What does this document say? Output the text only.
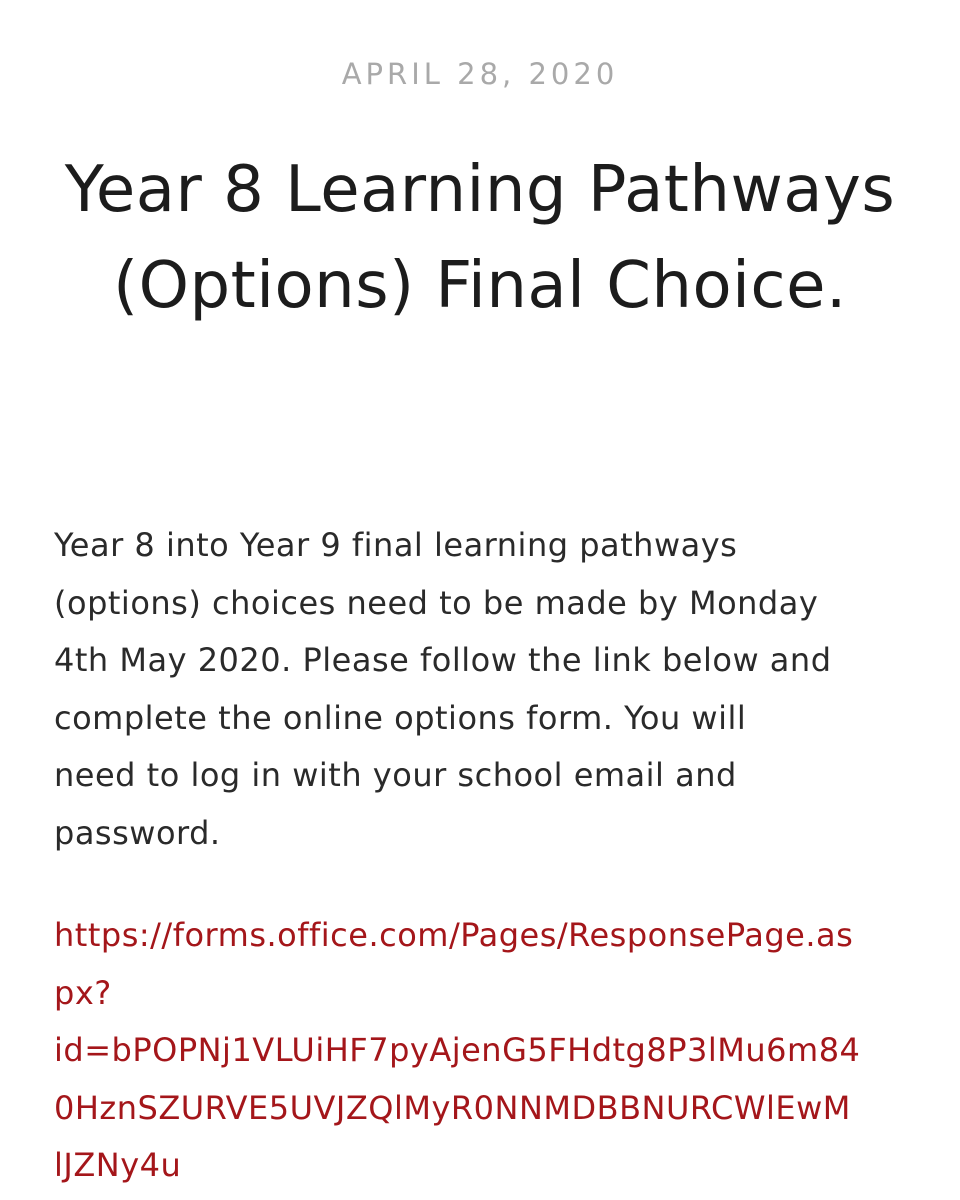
APRIL 28, 2020
Year 8 Learning Pathways (Options) Final Choice.

Year 8 into Year 9 final learning pathways
(options) choices need to be made by Monday
4th May 2020. Please follow the link below and
complete the online options form. You will
need to log in with your school email and
password.

https://forms.office.com/Pages/ResponsePage.as
px?
id=bPOPNj1VLUiHF7pyAjenG5FHdtg8P3lMu6m84
0HznSZURVE5UVJZQlMyR0NNMDBBNURCWlEwM
lJZNy4u
